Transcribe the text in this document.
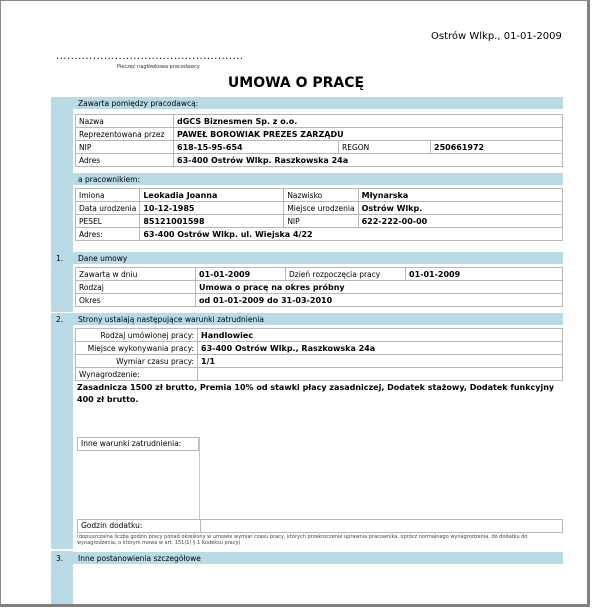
Ostrów Wlkp., 01-01-2009
...................................................
Pieczęć nagłówkowa pracodawcy
UMOWA O PRACĘ
Zawarta pomiędzy pracodawcą:
Nazwa	dGCS Biznesmen Sp. z o.o.		
Reprezentowana przez	PAWEŁ BOROWIAK PREZES ZARZĄDU		
NIP	618-15-95-654	REGON	250661972
Adres	63-400 Ostrów Wlkp. Raszkowska 24a		
a pracownikiem:
Imiona	Leokadia Joanna	Nazwisko	Młynarska
Data urodzenia	10-12-1985	Miejsce urodzenia	Ostrów Wlkp.
PESEL	85121001598	NIP	622-222-00-00
Adres:	63-400 Ostrów Wlkp. ul. Wiejska 4/22		
1.	Dane umowy
Zawarta w dniu	01-01-2009	Dzień rozpoczęcia pracy	01-01-2009
Rodzaj	Umowa o pracę na okres próbny		
Okres	od 01-01-2009 do 31-03-2010		
2.	Strony ustalają następujące warunki zatrudnienia
Rodzaj umówionej pracy:	Handlowiec
Miejsce wykonywania pracy:	63-400 Ostrów Wlkp., Raszkowska 24a
Wymiar czasu pracy:	1/1
Wynagrodzenie:	
Zasadnicza 1500 zł brutto, Premia 10% od stawki płacy zasadniczej, Dodatek stażowy, Dodatek funkcyjny 400 zł brutto.
Inne warunki zatrudnienia:
Godzin dodatku:
(dopuszczalna liczba godzin pracy ponad określony w umowie wymiar czasu pracy, których przekroczenie uprawnia pracownika, oprócz normalnego wynagrodzenia, do dodatku do wynagrodzenia, o którym mowa w art. 151(1) § 1 Kodeksu pracy)
3.	Inne postanowienia szczegółowe
